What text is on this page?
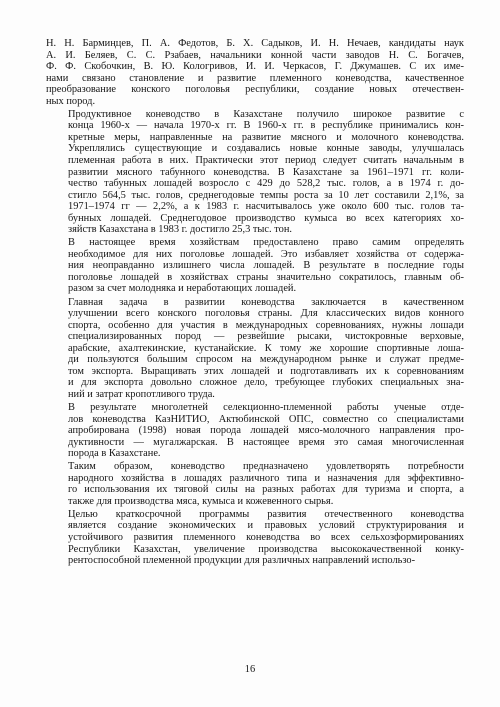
Н. Н. Бармиңцев, П. А. Федотов, Б. Х. Садыков, И. Н. Нечаев, кандидаты наук
А. И. Беляев, С. С. Рзабаев, начальники конной части заводов Н. С. Богачев,
Ф. Ф. Скобочкин, В. Ю. Кологривов, И. И. Черкасов, Г. Джумашев. С их име-
нами связано становление и развитие племенного коневодства, качественное
преобразование конского поголовья республики, создание новых отечествен-
ных пород.

Продуктивное коневодство в Казахстане получило широкое развитие с
конца 1960-х — начала 1970-х гг. В 1960-х гг. в республике принимались кон-
кретные меры, направленные на развитие мясного и молочного коневодства.
Укреплялись существующие и создавались новые конные заводы, улучшалась
племенная работа в них. Практически этот период следует считать начальным в
развитии мясного табунного коневодства. В Казахстане за 1961–1971 гг. коли-
чество табунных лошадей возросло с 429 до 528,2 тыс. голов, а в 1974 г. до-
стигло 564,5 тыс. голов, среднегодовые темпы роста за 10 лет составили 2,1%, за
1971–1974 гг — 2,2%, а к 1983 г. насчитывалось уже около 600 тыс. голов та-
бунных лошадей. Среднегодовое производство кумыса во всех категориях хо-
зяйств Казахстана в 1983 г. достигло 25,3 тыс. тон.

В настоящее время хозяйствам предоставлено право самим определять
необходимое для них поголовье лошадей. Это избавляет хозяйства от содержа-
ния неоправданно излишнего числа лошадей. В результате в последние годы
поголовье лошадей в хозяйствах страны значительно сократилось, главным об-
разом за счет молодняка и неработающих лошадей.

Главная задача в развитии коневодства заключается в качественном
улучшении всего конского поголовья страны. Для классических видов конного
спорта, особенно для участия в международных соревнованиях, нужны лошади
специализированных пород — резвейшие рысаки, чистокровные верховые,
арабские, ахалтекинские, кустанайские. К тому же хорошие спортивные лоша-
ди пользуются большим спросом на международном рынке и служат предме-
том экспорта. Выращивать этих лошадей и подготавливать их к соревнованиям
и для экспорта довольно сложное дело, требующее глубоких специальных зна-
ний и затрат кропотливого труда.

В результате многолетней селекционно-племенной работы ученые отде-
лов коневодства КазНИТИО, Актюбинской ОПС, совместно со специалистами
апробирована (1998) новая порода лошадей мясо-молочного направления про-
дуктивности — мугалжарская. В настоящее время это самая многочисленная
порода в Казахстане.

Таким образом, коневодство предназначено удовлетворять потребности
народного хозяйства в лошадях различного типа и назначения для эффективно-
го использования их тяговой силы на разных работах для туризма и спорта, а
также для производства мяса, кумыса и кожевенного сырья.

Целью краткосрочной программы развития отечественного коневодства
является создание экономических и правовых условий структурирования и
устойчивого развития племенного коневодства во всех сельхозформированиях
Республики Казахстан, увеличение производства высококачественной конку-
рентоспособной племенной продукции для различных направлений использо-

16
